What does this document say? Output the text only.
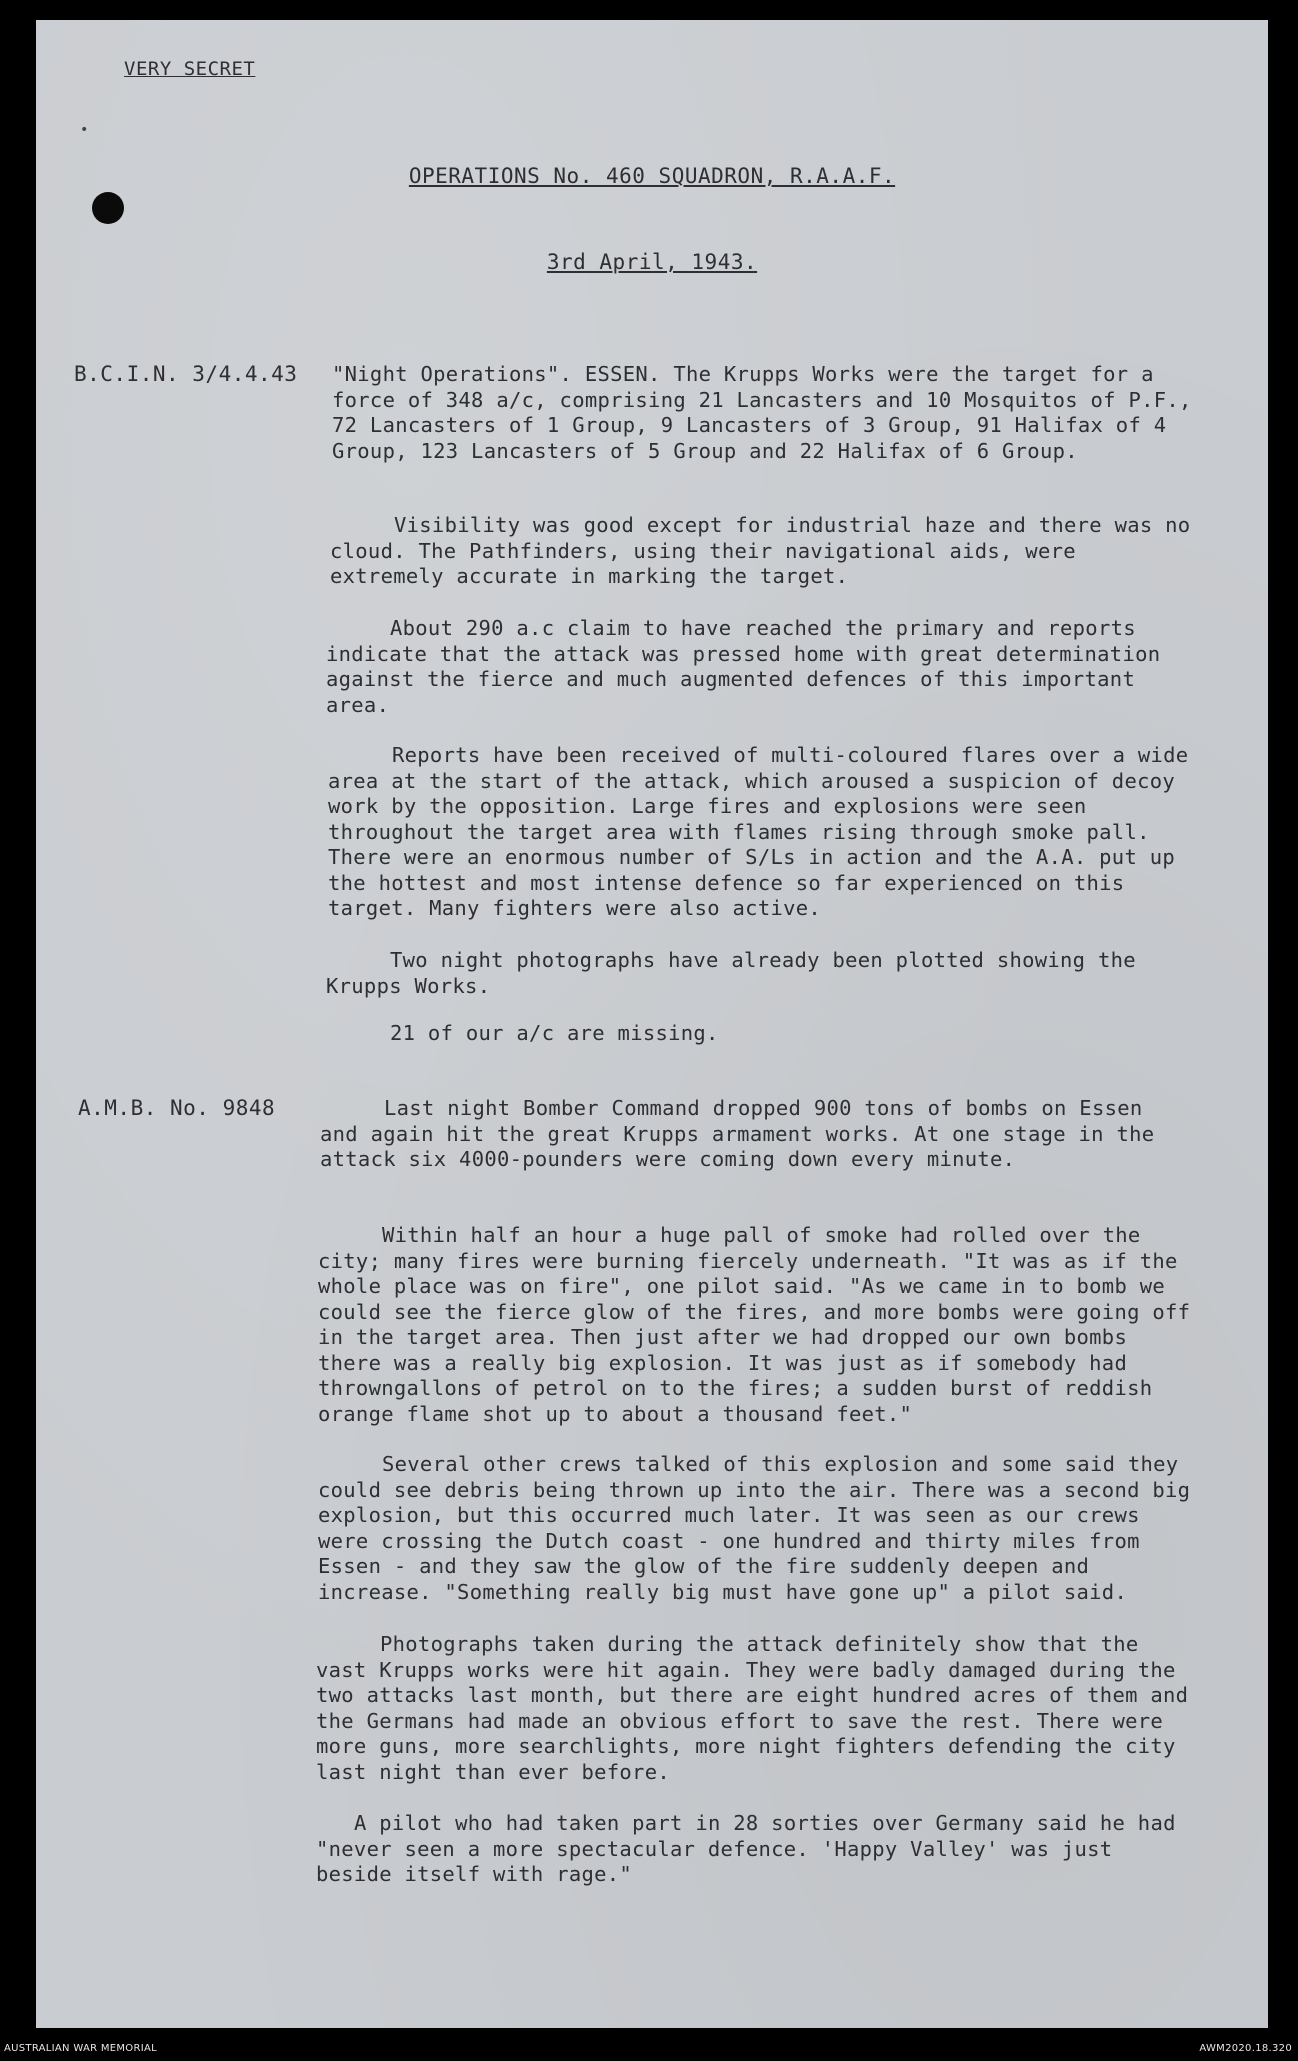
•
VERY SECRET
OPERATIONS No. 460 SQUADRON, R.A.A.F.
3rd April, 1943.
B.C.I.N. 3/4.4.43 "Night Operations". ESSEN. The Krupps Works were the target for a force of 348 a/c, comprising 21 Lancasters and 10 Mosquitos of P.F., 72 Lancasters of 1 Group, 9 Lancasters of 3 Group, 91 Halifax of 4 Group, 123 Lancasters of 5 Group and 22 Halifax of 6 Group.
Visibility was good except for industrial haze and there was no cloud. The Pathfinders, using their navigational aids, were extremely accurate in marking the target.
About 290 a.c claim to have reached the primary and reports indicate that the attack was pressed home with great determination against the fierce and much augmented defences of this important area.
Reports have been received of multi-coloured flares over a wide area at the start of the attack, which aroused a suspicion of decoy work by the opposition. Large fires and explosions were seen throughout the target area with flames rising through smoke pall. There were an enormous number of S/Ls in action and the A.A. put up the hottest and most intense defence so far experienced on this target. Many fighters were also active.
Two night photographs have already been plotted showing the Krupps Works.
21 of our a/c are missing.
A.M.B. No. 9848	Last night Bomber Command dropped 900 tons of bombs on Essen and again hit the great Krupps armament works. At one stage in the attack six 4000-pounders were coming down every minute.
Within half an hour a huge pall of smoke had rolled over the city; many fires were burning fiercely underneath. "It was as if the whole place was on fire", one pilot said. "As we came in to bomb we could see the fierce glow of the fires, and more bombs were going off in the target area. Then just after we had dropped our own bombs there was a really big explosion. It was just as if somebody had throwngallons of petrol on to the fires; a sudden burst of reddish orange flame shot up to about a thousand feet."
Several other crews talked of this explosion and some said they could see debris being thrown up into the air. There was a second big explosion, but this occurred much later. It was seen as our crews were crossing the Dutch coast - one hundred and thirty miles from Essen - and they saw the glow of the fire suddenly deepen and increase. "Something really big must have gone up" a pilot said.
Photographs taken during the attack definitely show that the vast Krupps works were hit again. They were badly damaged during the two attacks last month, but there are eight hundred acres of them and the Germans had made an obvious effort to save the rest. There were more guns, more searchlights, more night fighters defending the city last night than ever before.
A pilot who had taken part in 28 sorties over Germany said he had "never seen a more spectacular defence. 'Happy Valley' was just beside itself with rage."
AUSTRALIAN WAR MEMORIAL	AWM2020.18.320
